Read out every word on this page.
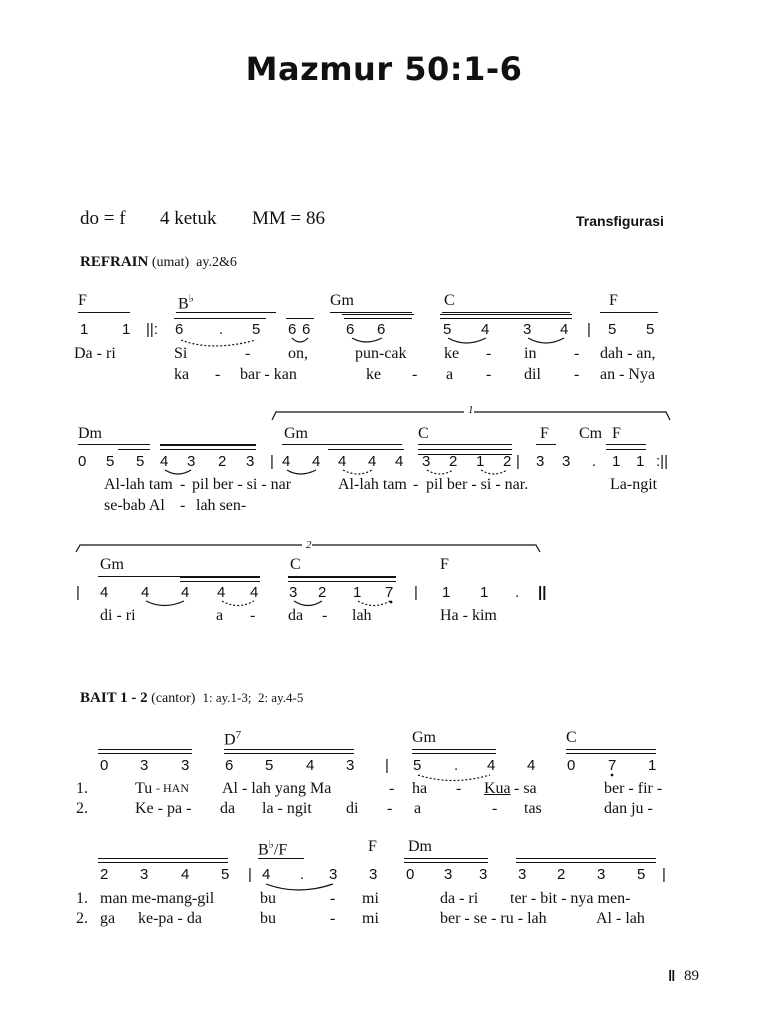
Mazmur 50:1-6
do = f 4 ketuk MM = 86	Transfigurasi
REFRAIN (umat) ay.2&6
F	B♭	Gm	C	F
1 1 ||: 6 . 5 6 6 6 6	5 4 3 4 | 5 5
Da - ri	Si	- on,	pun-cak ke - in - dah - an,
ka - bar - kan	ke - a - dil - an - Nya
1
Dm	Gm	C	F Cm F
0 5 5 4 3 2 3 | 4 4 4 4 4 3 2 1 2 | 3 3 . 1 1 :||
Al-lah tam - pil ber - si - nar	Al-lah tam - pil ber - si - nar.	La-ngit
se-bab Al - lah sen-
2
Gm	C	F
| 4 4 4 4 4 3 2 1 7 | 1 1 . ||
di - ri	a - da - lah	Ha - kim
BAIT 1 - 2 (cantor) 1: ay.1-3;  2: ay.4-5
$D^7$	Gm	C
0 3 3 6 5 4 3 | 5 . 4 4 0 7 1
1.	Tu - HAN Al - lah yang Ma	- ha - Kua - sa	ber - fir -
2.	Ke - pa - da la - ngit di - a	- tas	dan ju -
B♭/F	F Dm
2 3 4 5 | 4 . 3 3 0 3 3 3 2 3 5 |
1. man me-mang-gil	bu	- mi	da - ri ter - bit - nya men-
2. ga ke-pa - da	bu	- mi	ber - se - ru - lah	Al - lah
‖ 89
